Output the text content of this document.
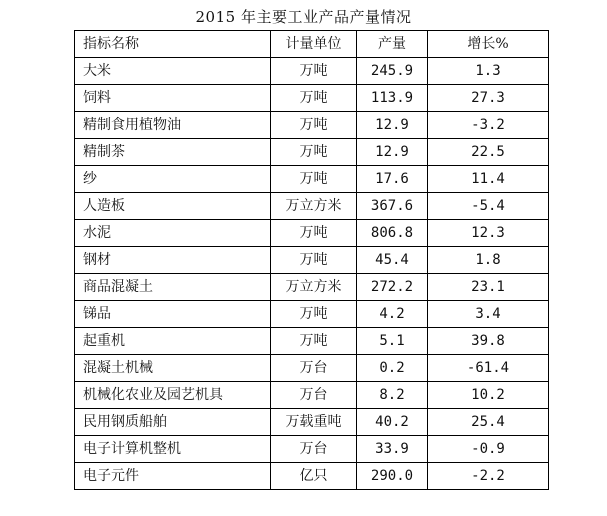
2015 年主要工业产品产量情况
指标名称	计量单位	产量	增长%
大米	万吨	245.9	1.3
饲料	万吨	113.9	27.3
精制食用植物油	万吨	12.9	-3.2
精制茶	万吨	12.9	22.5
纱	万吨	17.6	11.4
人造板	万立方米	367.6	-5.4
水泥	万吨	806.8	12.3
钢材	万吨	45.4	1.8
商品混凝土	万立方米	272.2	23.1
锑品	万吨	4.2	3.4
起重机	万吨	5.1	39.8
混凝土机械	万台	0.2	-61.4
机械化农业及园艺机具	万台	8.2	10.2
民用钢质船舶	万载重吨	40.2	25.4
电子计算机整机	万台	33.9	-0.9
电子元件	亿只	290.0	-2.2
